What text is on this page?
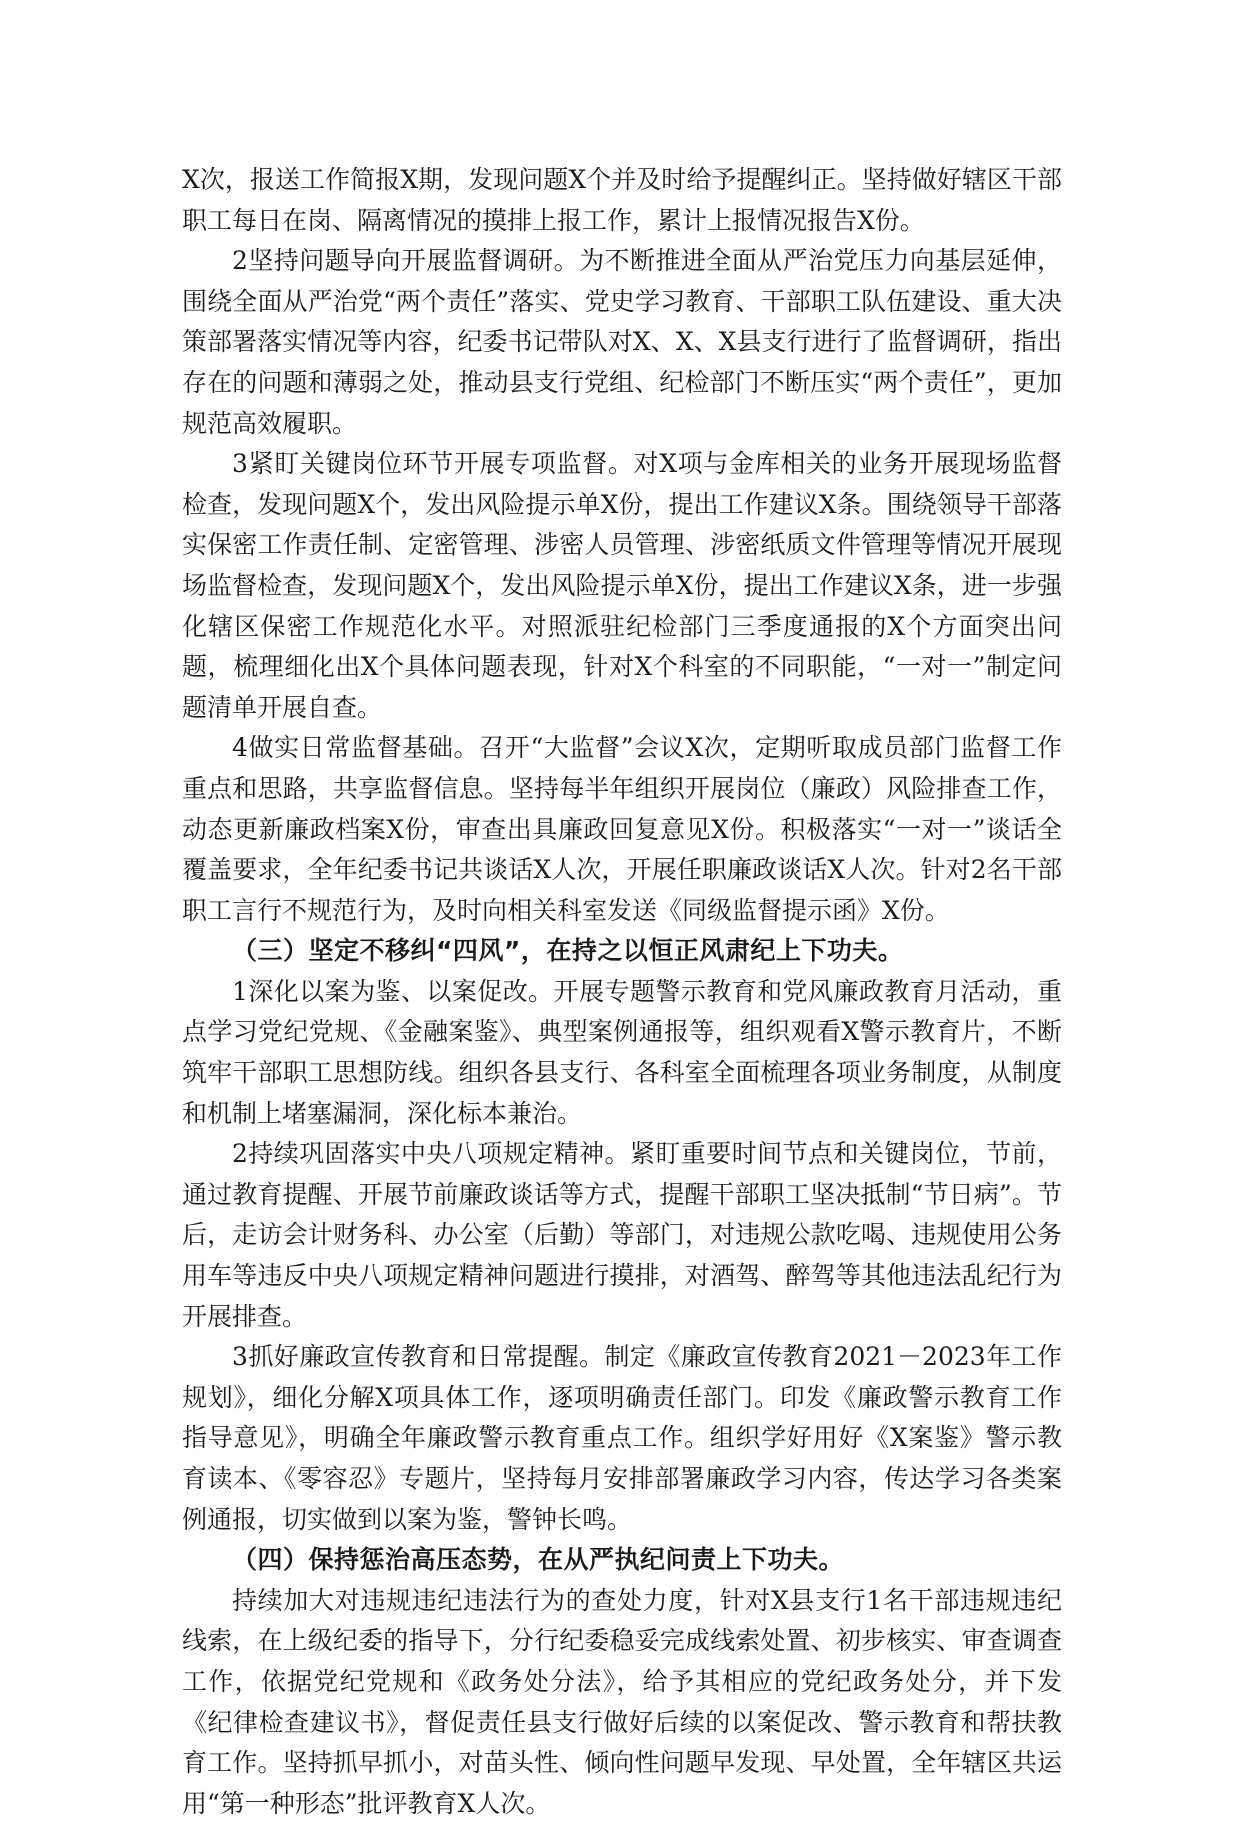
X次，报送工作简报X期，发现问题X个并及时给予提醒纠正。坚持做好辖区干部职工每日在岗、隔离情况的摸排上报工作，累计上报情况报告X份。

2坚持问题导向开展监督调研。为不断推进全面从严治党压力向基层延伸，围绕全面从严治党“两个责任”落实、党史学习教育、干部职工队伍建设、重大决策部署落实情况等内容，纪委书记带队对X、X、X县支行进行了监督调研，指出存在的问题和薄弱之处，推动县支行党组、纪检部门不断压实“两个责任”，更加规范高效履职。

3紧盯关键岗位环节开展专项监督。对X项与金库相关的业务开展现场监督检查，发现问题X个，发出风险提示单X份，提出工作建议X条。围绕领导干部落实保密工作责任制、定密管理、涉密人员管理、涉密纸质文件管理等情况开展现场监督检查，发现问题X个，发出风险提示单X份，提出工作建议X条，进一步强化辖区保密工作规范化水平。对照派驻纪检部门三季度通报的X个方面突出问题，梳理细化出X个具体问题表现，针对X个科室的不同职能，“一对一”制定问题清单开展自查。

4做实日常监督基础。召开“大监督”会议X次，定期听取成员部门监督工作重点和思路，共享监督信息。坚持每半年组织开展岗位（廉政）风险排查工作，动态更新廉政档案X份，审查出具廉政回复意见X份。积极落实“一对一”谈话全覆盖要求，全年纪委书记共谈话X人次，开展任职廉政谈话X人次。针对2名干部职工言行不规范行为，及时向相关科室发送《同级监督提示函》X份。

（三）坚定不移纠“四风”，在持之以恒正风肃纪上下功夫。

1深化以案为鉴、以案促改。开展专题警示教育和党风廉政教育月活动，重点学习党纪党规、《金融案鉴》、典型案例通报等，组织观看X警示教育片，不断筑牢干部职工思想防线。组织各县支行、各科室全面梳理各项业务制度，从制度和机制上堵塞漏洞，深化标本兼治。

2持续巩固落实中央八项规定精神。紧盯重要时间节点和关键岗位，节前，通过教育提醒、开展节前廉政谈话等方式，提醒干部职工坚决抵制“节日病”。节后，走访会计财务科、办公室（后勤）等部门，对违规公款吃喝、违规使用公务用车等违反中央八项规定精神问题进行摸排，对酒驾、醉驾等其他违法乱纪行为开展排查。

3抓好廉政宣传教育和日常提醒。制定《廉政宣传教育2021－2023年工作规划》，细化分解X项具体工作，逐项明确责任部门。印发《廉政警示教育工作指导意见》，明确全年廉政警示教育重点工作。组织学好用好《X案鉴》警示教育读本、《零容忍》专题片，坚持每月安排部署廉政学习内容，传达学习各类案例通报，切实做到以案为鉴，警钟长鸣。

（四）保持惩治高压态势，在从严执纪问责上下功夫。

持续加大对违规违纪违法行为的查处力度，针对X县支行1名干部违规违纪线索，在上级纪委的指导下，分行纪委稳妥完成线索处置、初步核实、审查调查工作，依据党纪党规和《政务处分法》，给予其相应的党纪政务处分，并下发《纪律检查建议书》，督促责任县支行做好后续的以案促改、警示教育和帮扶教育工作。坚持抓早抓小，对苗头性、倾向性问题早发现、早处置，全年辖区共运用“第一种形态”批评教育X人次。
